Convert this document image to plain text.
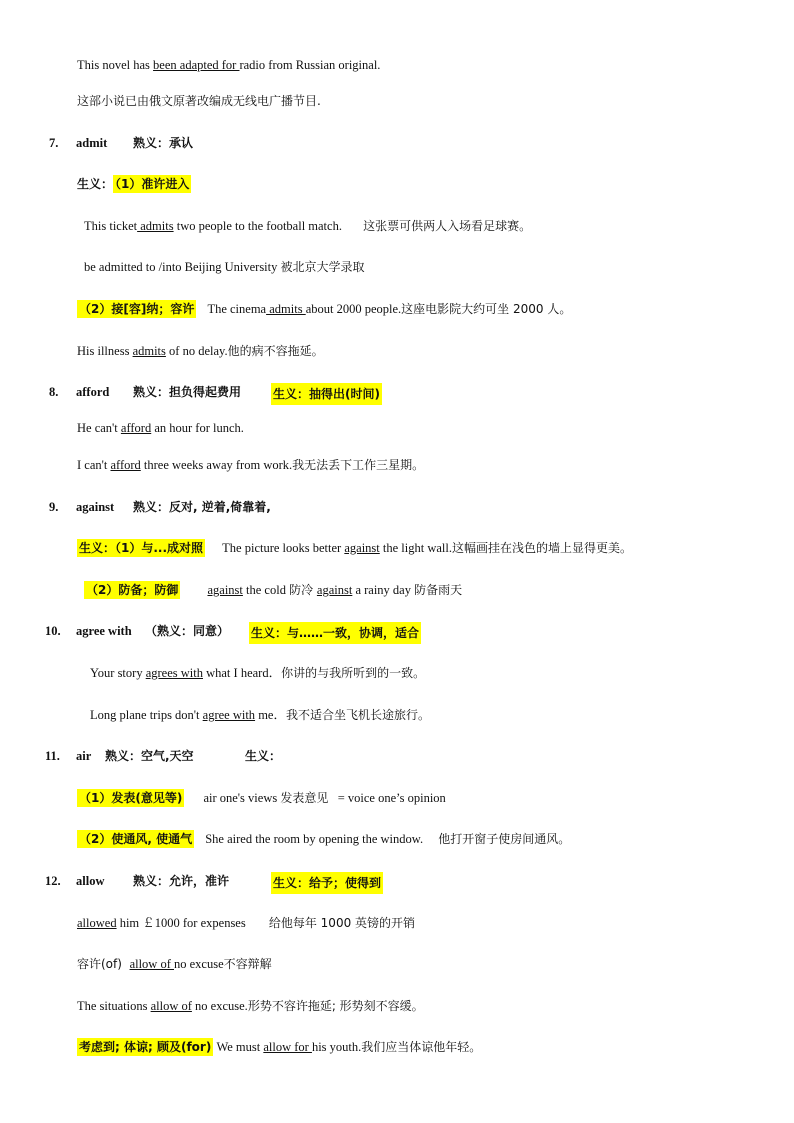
This novel has been adapted for radio from Russian original.
这部小说已由俄文原著改编成无线电广播节目.
7. admit 熟义：承认
生义： （1）准许进入
This ticket admits two people to the football match. 这张票可供两人入场看足球赛。
be admitted to /into Beijing University 被北京大学录取
（2）接[容]纳；容许 The cinema admits about 2000 people.这座电影院大约可坐 2000 人。
His illness admits of no delay.他的病不容拖延。
8. afford 熟义：担负得起费用	生义：抽得出(时间)
He can't afford an hour for lunch.
I can't afford three weeks away from work.我无法丢下工作三星期。
9. against 熟义：反对, 逆着,倚靠着,
生义：（1）与...成对照 The picture looks better against the light wall.这幅画挂在浅色的墙上显得更美。
（2）防备；防御 against the cold 防冷 against a rainy day 防备雨天
10. agree with （熟义：同意） 生义：与……一致，协调，适合
Your story agrees with what I heard．你讲的与我所听到的一致。
Long plane trips don't agree with me．我不适合坐飞机长途旅行。
11. air 熟义：空气,天空	生义：
（1）发表(意见等) air one's views 发表意见   = voice one’s opinion
（2）使通风, 使通气 She aired the room by opening the window. 他打开窗子使房间通风。
12. allow 熟义：允许，准许	生义：给予；使得到
allowed him ￡1000 for expenses 给他每年 1000 英镑的开销
容许(of)  allow of no excuse不容辩解
The situations allow of no excuse.形势不容许拖延; 形势刻不容缓。
考虑到; 体谅; 顾及(for) We must allow for his youth.我们应当体谅他年轻。
